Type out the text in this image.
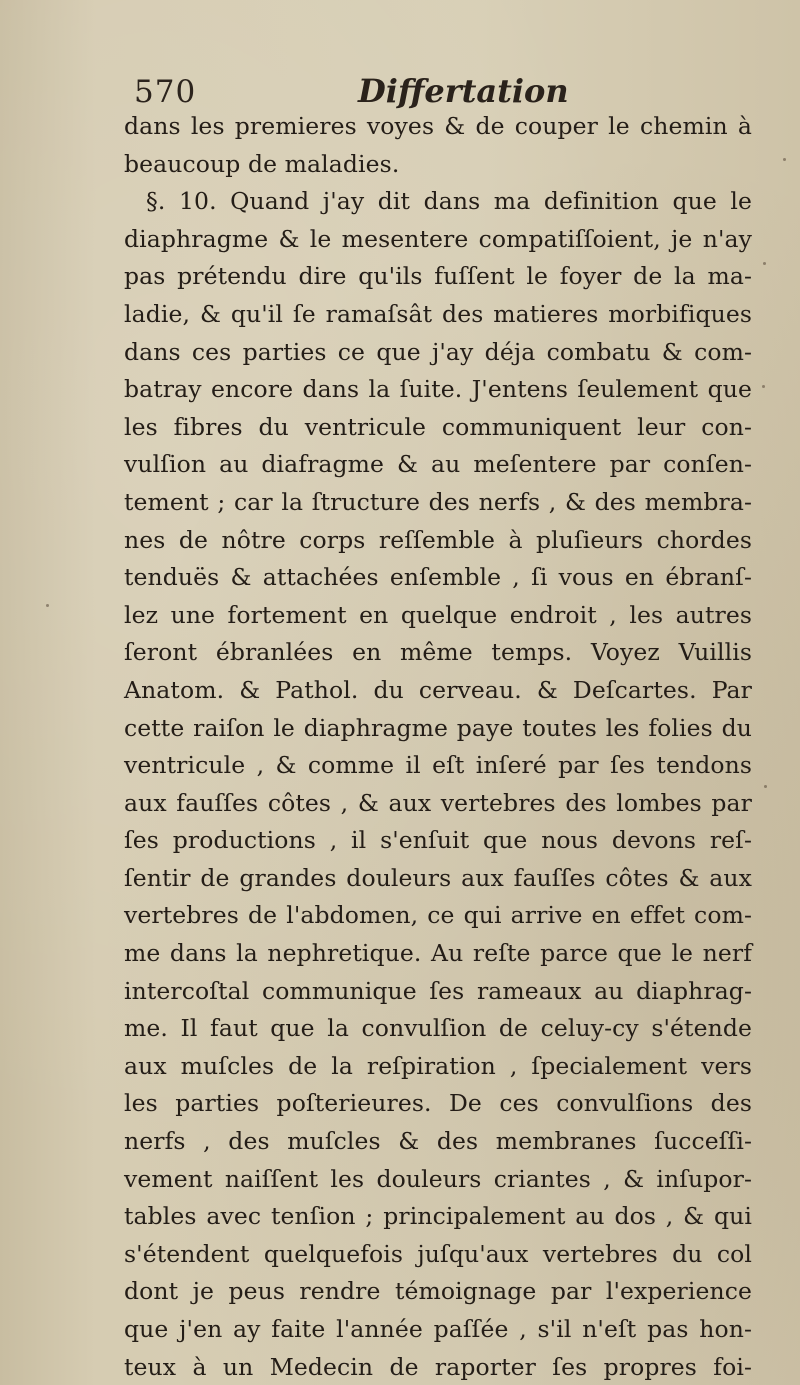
570	Differtation
dans les premieres voyes & de couper le chemin à
beaucoup de maladies.
§. 10. Quand j'ay dit dans ma definition que le
diaphragme & le mesentere compatiſſoient, je n'ay
pas prétendu dire qu'ils fuſſent le foyer de la ma-
ladie, & qu'il ſe ramaſsât des matieres morbifiques
dans ces parties ce que j'ay déja combatu & com-
batray encore dans la ſuite. J'entens ſeulement que
les fibres du ventricule communiquent leur con-
vulſion au diafragme & au meſentere par conſen-
tement ; car la ſtructure des nerfs , & des membra-
nes de nôtre corps reſſemble à pluſieurs chordes
tenduës & attachées enſemble , ſi vous en ébranſ-
lez une fortement en quelque endroit , les autres
ſeront ébranlées en même temps. Voyez Vuillis
Anatom. & Pathol. du cerveau. & Deſcartes. Par
cette raiſon le diaphragme paye toutes les folies du
ventricule , & comme il eſt inſeré par ſes tendons
aux fauſſes côtes , & aux vertebres des lombes par
ſes productions , il s'enſuit que nous devons reſ-
ſentir de grandes douleurs aux fauſſes côtes & aux
vertebres de l'abdomen, ce qui arrive en effet com-
me dans la nephretique. Au reſte parce que le nerf
intercoſtal communique ſes rameaux au diaphrag-
me. Il faut que la convulſion de celuy-cy s'étende
aux muſcles de la reſpiration , ſpecialement vers
les parties poſterieures. De ces convulſions des
nerfs , des muſcles & des membranes ſucceſſi-
vement naiſſent les douleurs criantes , & inſupor-
tables avec tenſion ; principalement au dos , & qui
s'étendent quelquefois juſqu'aux vertebres du col
dont je peus rendre témoignage par l'experience
que j'en ay faite l'année paſſée , s'il n'eſt pas hon-
teux à un Medecin de raporter ſes propres foi-
